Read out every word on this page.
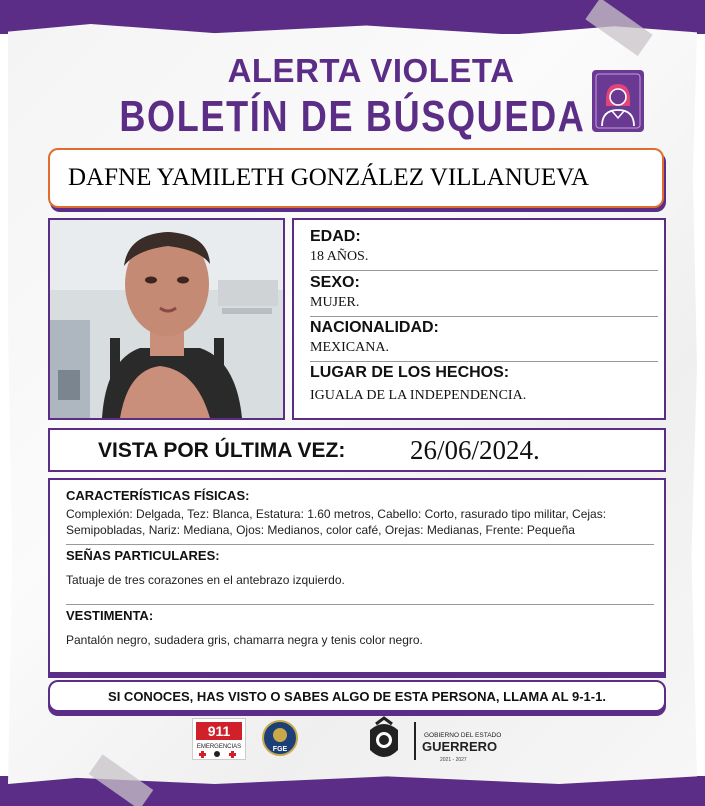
ALERTA VIOLETA
BOLETÍN DE BÚSQUEDA
DAFNE YAMILETH GONZÁLEZ VILLANUEVA
EDAD:
18 AÑOS.
SEXO:
MUJER.
NACIONALIDAD:
MEXICANA.
LUGAR DE LOS HECHOS:
IGUALA DE LA INDEPENDENCIA.
VISTA POR ÚLTIMA VEZ: 26/06/2024.
CARACTERÍSTICAS FÍSICAS:
Complexión: Delgada, Tez: Blanca, Estatura: 1.60 metros, Cabello: Corto, rasurado tipo militar, Cejas: Semipobladas, Nariz: Mediana, Ojos: Medianos, color café, Orejas: Medianas, Frente: Pequeña
SEÑAS PARTICULARES:
Tatuaje de tres corazones en el antebrazo izquierdo.
VESTIMENTA:
Pantalón negro, sudadera gris, chamarra negra y tenis color negro.
SI CONOCES, HAS VISTO O SABES ALGO DE ESTA PERSONA, LLAMA AL 9-1-1.
911
EMERGENCIAS	FGE
GOBIERNO DEL ESTADO
GUERRERO
2021 - 2027
